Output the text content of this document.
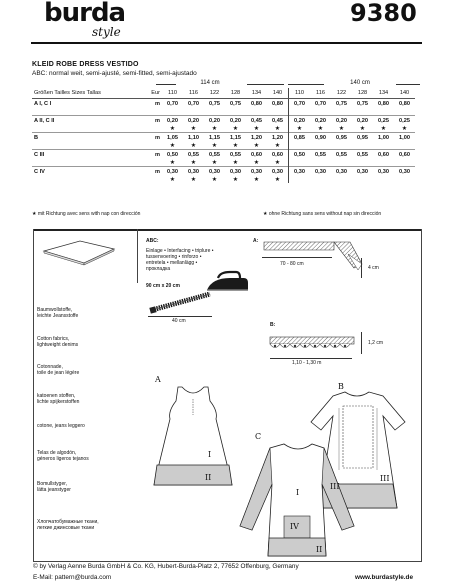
burda
style
9380
KLEID ROBE DRESS VESTIDO
ABC: normal weit, semi-ajusté, semi-fitted, semi-ajustado
114 cm	140 cm
Größen Tailles Sizes Tallas	Eur	110	116	122	128	134	140	110	116	122	128	134	140
A I, C I	m	0,70	0,70	0,75	0,75	0,80	0,80	0,70	0,70	0,75	0,75	0,80	0,80

A II, C II	m	0,20	0,20	0,20	0,20	0,45	0,45	0,20	0,20	0,20	0,20	0,25	0,25
		★	★	★	★	★	★	★	★	★	★	★	★
B	m	1,05	1,10	1,15	1,15	1,20	1,20	0,85	0,90	0,95	0,95	1,00	1,00
		★	★	★	★	★	★						
C III	m	0,50	0,55	0,55	0,55	0,60	0,60	0,50	0,55	0,55	0,55	0,60	0,60
		★	★	★	★	★	★						
C IV	m	0,30	0,30	0,30	0,30	0,30	0,30	0,30	0,30	0,30	0,30	0,30	0,30
		★	★	★	★	★	★						
★ mit Richtung avec sens with nap con dirección	★ ohne Richtung sans sens without nap sin dirección
Baumwollstoffe,
leichte Jeansstoffe
Cotton fabrics,
lightweight denims
Cotonnade,
toile de jean légère
katoenen stoffen,
lichte spijkerstoffen
cotone, jeans leggero
Telas de algodón,
géneros ligeros tejanos
Bomullstyger,
lätta jeanstyger
Хлопчатобумажные ткани,
легкие джинсовые ткани
ABC:
Einlage • Interfacing • triplure •
tussenvoering • rinforzo •
entretela • mellanlägg •
прокладка
90 cm x 20 cm
40 cm
A:
70 - 80 cm
4 cm
B:
1,2 cm
1,10 - 1,30 m
A
I
II
B
III
C
I
III
IV
II
© by Verlag Aenne Burda GmbH & Co. KG, Hubert-Burda-Platz 2, 77652 Offenburg, Germany
E-Mail: pattern@burda.com	www.burdastyle.de
